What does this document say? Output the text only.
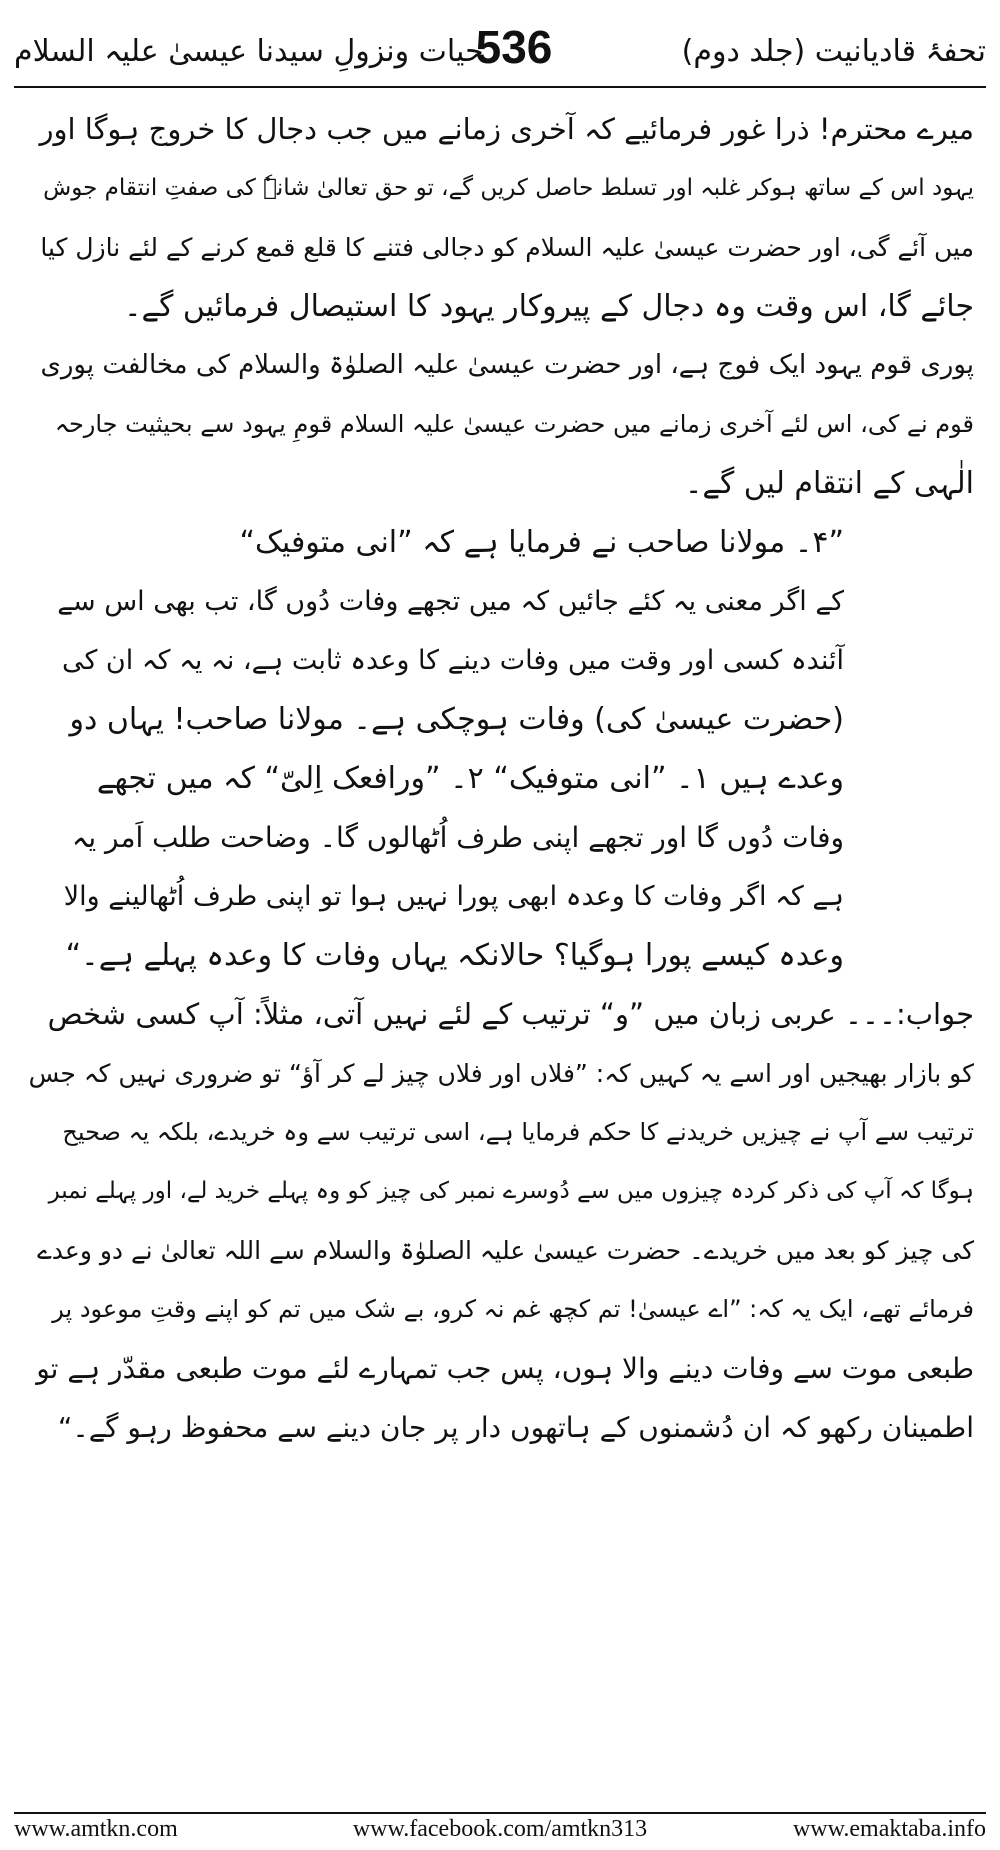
تحفۂ قادیانیت (جلد دوم)
536
حیات ونزولِ سیدنا عیسیٰ علیہ السلام
میرے محترم! ذرا غور فرمائیے کہ آخری زمانے میں جب دجال کا خروج ہوگا اور
یہود اس کے ساتھ ہوکر غلبہ اور تسلط حاصل کریں گے، تو حق تعالیٰ شانہٗ کی صفتِ انتقام جوش
میں آئے گی، اور حضرت عیسیٰ علیہ السلام کو دجالی فتنے کا قلع قمع کرنے کے لئے نازل کیا
جائے گا، اس وقت وہ دجال کے پیروکار یہود کا استیصال فرمائیں گے۔
پوری قوم یہود ایک فوج ہے، اور حضرت عیسیٰ علیہ الصلوٰۃ والسلام کی مخالفت پوری
قوم نے کی، اس لئے آخری زمانے میں حضرت عیسیٰ علیہ السلام قومِ یہود سے بحیثیت جارحہ
الٰہی کے انتقام لیں گے۔
”۴۔ مولانا صاحب نے فرمایا ہے کہ ”انی متوفیک“
کے اگر معنی یہ کئے جائیں کہ میں تجھے وفات دُوں گا، تب بھی اس سے
آئندہ کسی اور وقت میں وفات دینے کا وعدہ ثابت ہے، نہ یہ کہ ان کی
(حضرت عیسیٰ کی) وفات ہوچکی ہے۔ مولانا صاحب! یہاں دو
وعدے ہیں ۱۔ ”انی متوفیک“ ۲۔ ”ورافعک اِلیّ“ کہ میں تجھے
وفات دُوں گا اور تجھے اپنی طرف اُٹھالوں گا۔ وضاحت طلب اَمر یہ
ہے کہ اگر وفات کا وعدہ ابھی پورا نہیں ہوا تو اپنی طرف اُٹھالینے والا
وعدہ کیسے پورا ہوگیا؟ حالانکہ یہاں وفات کا وعدہ پہلے ہے۔“
جواب:۔۔۔ عربی زبان میں ”و“ ترتیب کے لئے نہیں آتی، مثلاً: آپ کسی شخص
کو بازار بھیجیں اور اسے یہ کہیں کہ: ”فلاں اور فلاں چیز لے کر آؤ“ تو ضروری نہیں کہ جس
ترتیب سے آپ نے چیزیں خریدنے کا حکم فرمایا ہے، اسی ترتیب سے وہ خریدے، بلکہ یہ صحیح
ہوگا کہ آپ کی ذکر کردہ چیزوں میں سے دُوسرے نمبر کی چیز کو وہ پہلے خرید لے، اور پہلے نمبر
کی چیز کو بعد میں خریدے۔ حضرت عیسیٰ علیہ الصلوٰۃ والسلام سے اللہ تعالیٰ نے دو وعدے
فرمائے تھے، ایک یہ کہ: ”اے عیسیٰ! تم کچھ غم نہ کرو، بے شک میں تم کو اپنے وقتِ موعود پر
طبعی موت سے وفات دینے والا ہوں، پس جب تمہارے لئے موت طبعی مقدّر ہے تو
اطمینان رکھو کہ ان دُشمنوں کے ہاتھوں دار پر جان دینے سے محفوظ رہو گے۔“
www.amtkn.com	www.facebook.com/amtkn313	www.emaktaba.info
